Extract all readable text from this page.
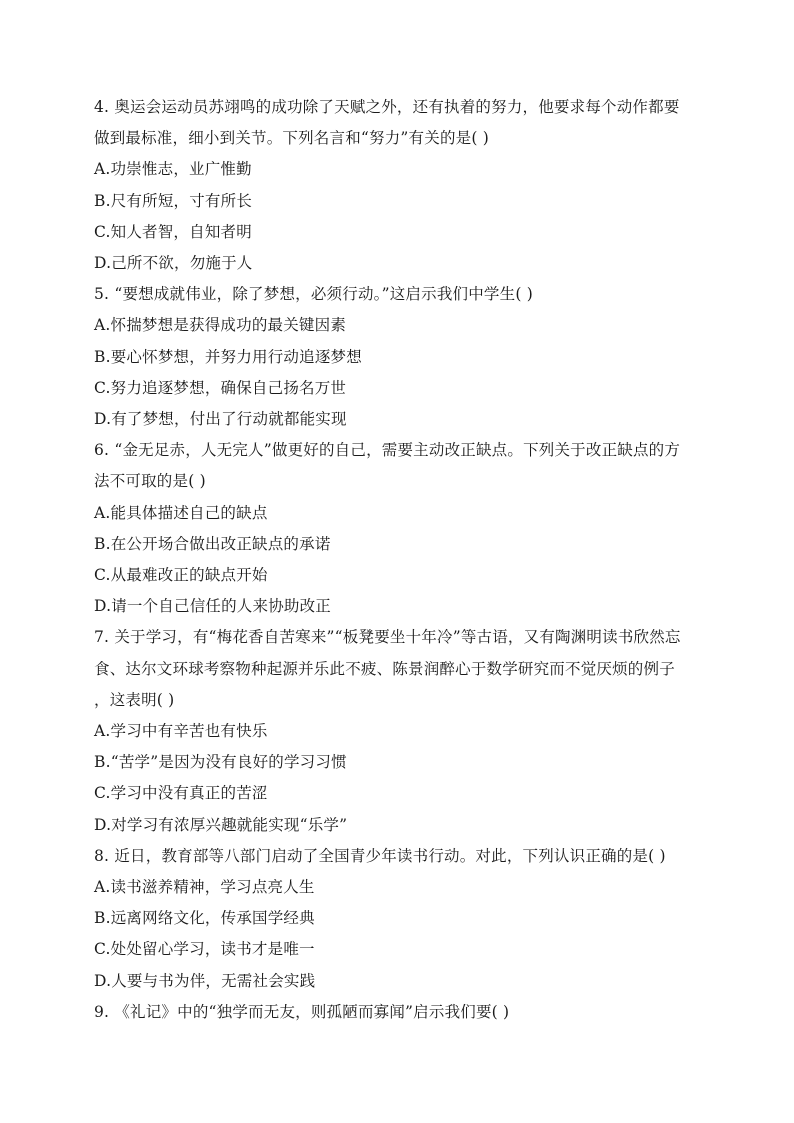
4. 奥运会运动员苏翊鸣的成功除了天赋之外，还有执着的努力，他要求每个动作都要
做到最标准，细小到关节。下列名言和“努力”有关的是( )
A.功崇惟志，业广惟勤
B.尺有所短，寸有所长
C.知人者智，自知者明
D.己所不欲，勿施于人
5. “要想成就伟业，除了梦想，必须行动。”这启示我们中学生( )
A.怀揣梦想是获得成功的最关键因素
B.要心怀梦想，并努力用行动追逐梦想
C.努力追逐梦想，确保自己扬名万世
D.有了梦想，付出了行动就都能实现
6. “金无足赤，人无完人”做更好的自己，需要主动改正缺点。下列关于改正缺点的方
法不可取的是( )
A.能具体描述自己的缺点
B.在公开场合做出改正缺点的承诺
C.从最难改正的缺点开始
D.请一个自己信任的人来协助改正
7. 关于学习，有“梅花香自苦寒来”“板凳要坐十年冷”等古语，又有陶渊明读书欣然忘
食、达尔文环球考察物种起源并乐此不疲、陈景润醉心于数学研究而不觉厌烦的例子
，这表明( )
A.学习中有辛苦也有快乐
B.“苦学”是因为没有良好的学习习惯
C.学习中没有真正的苦涩
D.对学习有浓厚兴趣就能实现“乐学”
8. 近日，教育部等八部门启动了全国青少年读书行动。对此，下列认识正确的是( )
A.读书滋养精神，学习点亮人生
B.远离网络文化，传承国学经典
C.处处留心学习，读书才是唯一
D.人要与书为伴，无需社会实践
9. 《礼记》中的“独学而无友，则孤陋而寡闻”启示我们要( )
